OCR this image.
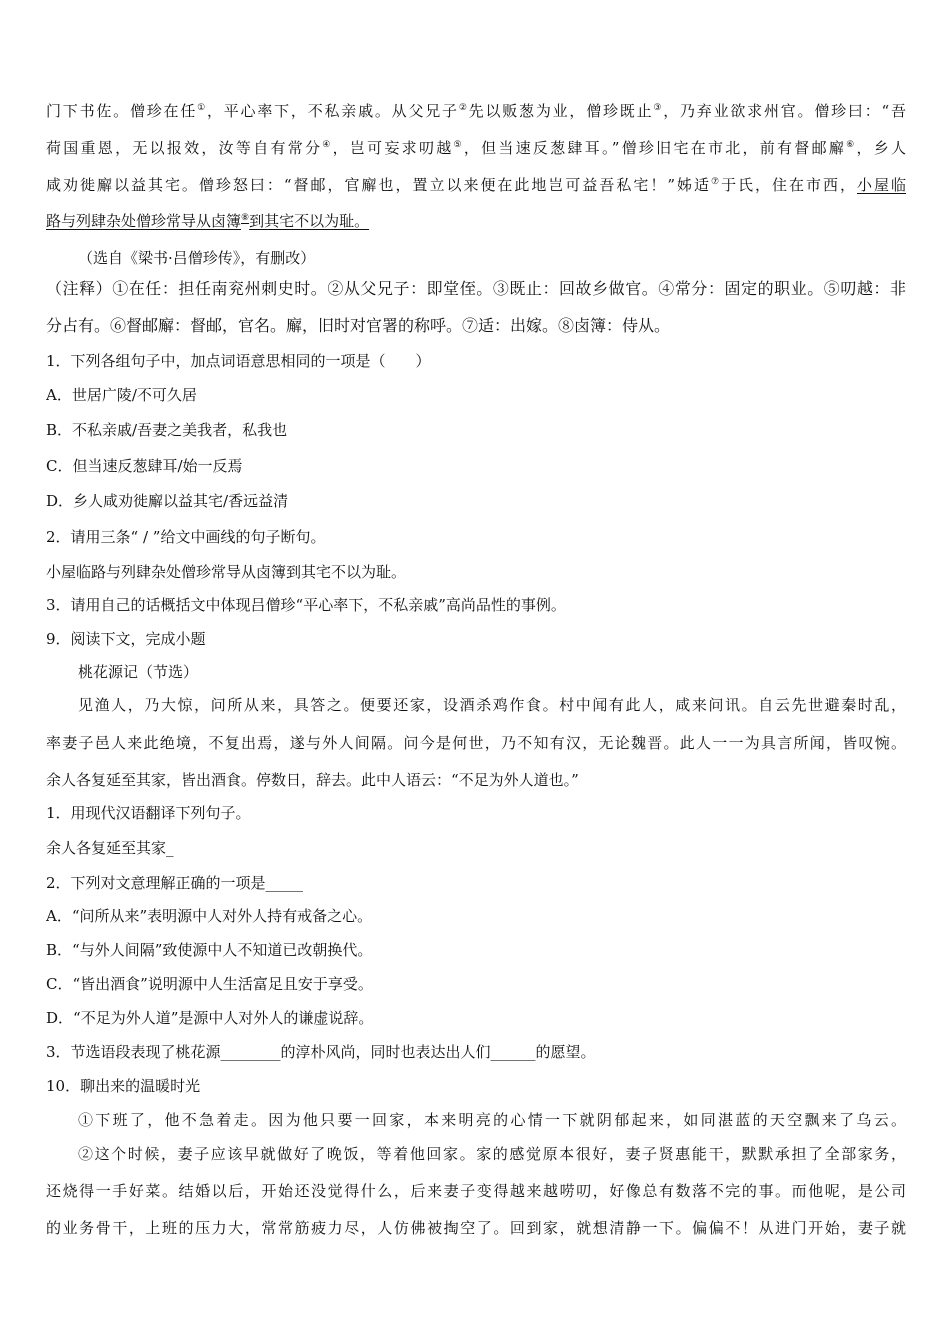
门下书佐。僧珍在任①，平心率下，不私亲戚。从父兄子②先以贩葱为业，僧珍既止③，乃弃业欲求州官。僧珍曰：“吾
荷国重恩，无以报效，汝等自有常分④，岂可妄求叨越⑤，但当速反葱肆耳。”僧珍旧宅在市北，前有督邮廨⑥，乡人
咸劝徙廨以益其宅。僧珍怒曰：“督邮，官廨也，置立以来便在此地岂可益吾私宅！”姊适⑦于氏，住在市西，小屋临
路与列肆杂处僧珍常导从卤簿⑧到其宅不以为耻。
（选自《梁书·吕僧珍传》，有删改）
（注释）①在任：担任南兖州刺史时。②从父兄子：即堂侄。③既止：回故乡做官。④常分：固定的职业。⑤叨越：非
分占有。⑥督邮廨：督邮，官名。廨，旧时对官署的称呼。⑦适：出嫁。⑧卤簿：侍从。
1．下列各组句子中，加点词语意思相同的一项是（　　）
A．世居广陵/不可久居
B．不私亲戚/吾妻之美我者，私我也
C．但当速反葱肆耳/始一反焉
D．乡人咸劝徙廨以益其宅/香远益清
2．请用三条“ / ”给文中画线的句子断句。
小屋临路与列肆杂处僧珍常导从卤簿到其宅不以为耻。
3．请用自己的话概括文中体现吕僧珍“平心率下，不私亲戚”高尚品性的事例。
9．阅读下文，完成小题
桃花源记（节选）
见渔人，乃大惊，问所从来，具答之。便要还家，设酒杀鸡作食。村中闻有此人，咸来问讯。自云先世避秦时乱，
率妻子邑人来此绝境，不复出焉，遂与外人间隔。问今是何世，乃不知有汉，无论魏晋。此人一一为具言所闻，皆叹惋。
余人各复延至其家，皆出酒食。停数日，辞去。此中人语云：“不足为外人道也。”
1．用现代汉语翻译下列句子。
余人各复延至其家_
2．下列对文意理解正确的一项是_____
A．“问所从来”表明源中人对外人持有戒备之心。
B．“与外人间隔”致使源中人不知道已改朝换代。
C．“皆出酒食”说明源中人生活富足且安于享受。
D．“不足为外人道”是源中人对外人的谦虚说辞。
3．节选语段表现了桃花源________的淳朴风尚，同时也表达出人们______的愿望。
10．聊出来的温暖时光
①下班了，他不急着走。因为他只要一回家，本来明亮的心情一下就阴郁起来，如同湛蓝的天空飘来了乌云。
②这个时候，妻子应该早就做好了晚饭，等着他回家。家的感觉原本很好，妻子贤惠能干，默默承担了全部家务，
还烧得一手好菜。结婚以后，开始还没觉得什么，后来妻子变得越来越唠叨，好像总有数落不完的事。而他呢，是公司
的业务骨干，上班的压力大，常常筋疲力尽，人仿佛被掏空了。回到家，就想清静一下。偏偏不！从进门开始，妻子就
